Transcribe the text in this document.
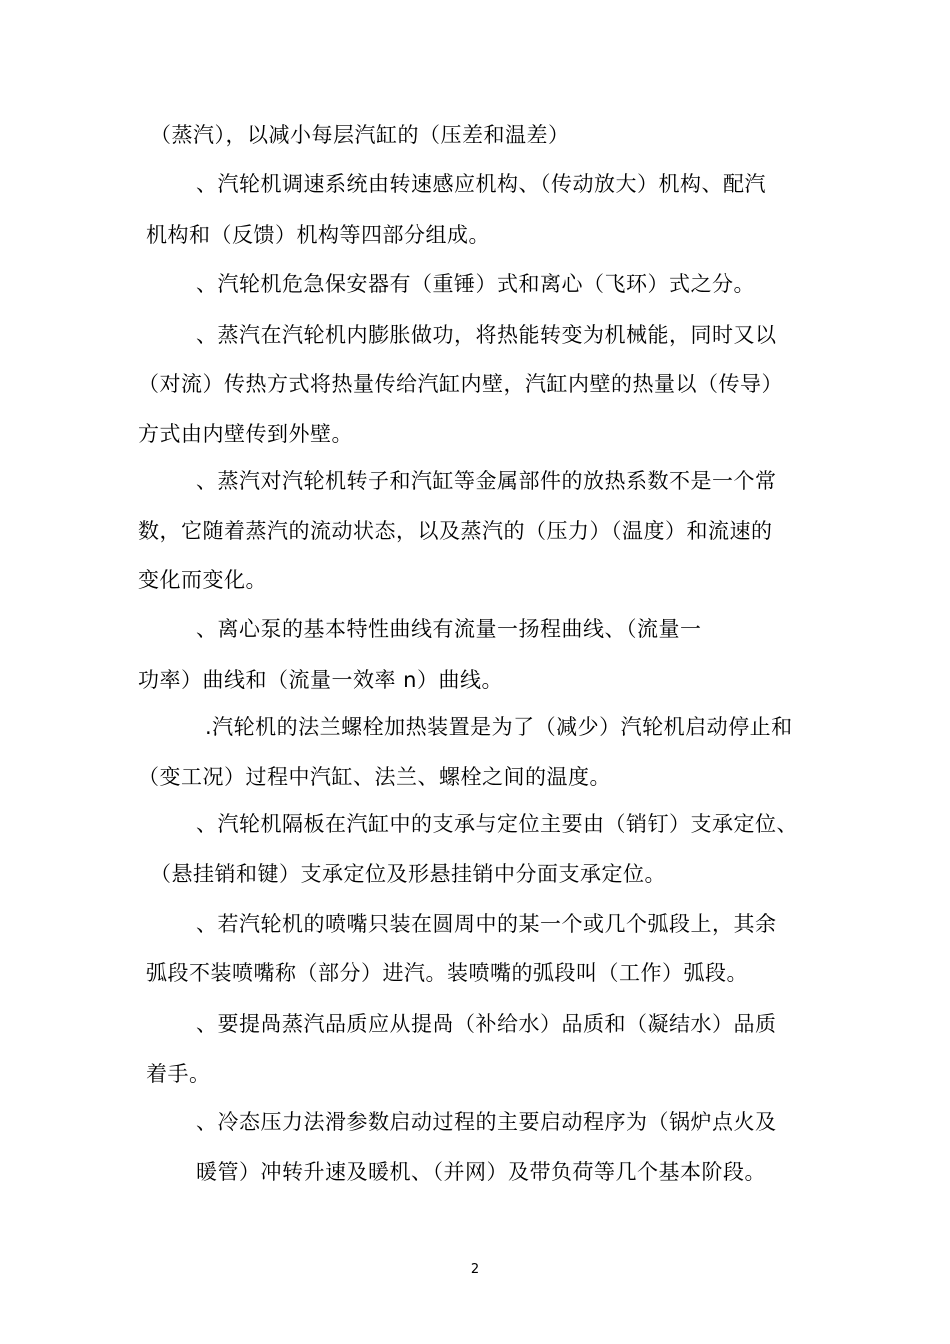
（蒸汽），以减小每层汽缸的（压差和温差）
、汽轮机调速系统由转速感应机构、（传动放大）机构、配汽
机构和（反馈）机构等四部分组成。
、汽轮机危急保安器有（重锤）式和离心（飞环）式之分。
、蒸汽在汽轮机内膨胀做功，将热能转变为机械能，同时又以
（对流）传热方式将热量传给汽缸内壁，汽缸内壁的热量以（传导）
方式由内壁传到外壁。
、蒸汽对汽轮机转子和汽缸等金属部件的放热系数不是一个常
数，它随着蒸汽的流动状态，以及蒸汽的（压力）（温度）和流速的
变化而变化。
、离心泵的基本特性曲线有流量一扬程曲线、（流量一
功率）曲线和（流量一效率 n）曲线。
.汽轮机的法兰螺栓加热装置是为了（减少）汽轮机启动停止和
（变工况）过程中汽缸、法兰、螺栓之间的温度。
、汽轮机隔板在汽缸中的支承与定位主要由（销钉）支承定位、
（悬挂销和键）支承定位及形悬挂销中分面支承定位。
、若汽轮机的喷嘴只装在圆周中的某一个或几个弧段上，其余
弧段不装喷嘴称（部分）进汽。装喷嘴的弧段叫（工作）弧段。
、要提咼蒸汽品质应从提咼（补给水）品质和（凝结水）品质
着手。
、冷态压力法滑参数启动过程的主要启动程序为（锅炉点火及
暖管）冲转升速及暖机、（并网）及带负荷等几个基本阶段。
2
